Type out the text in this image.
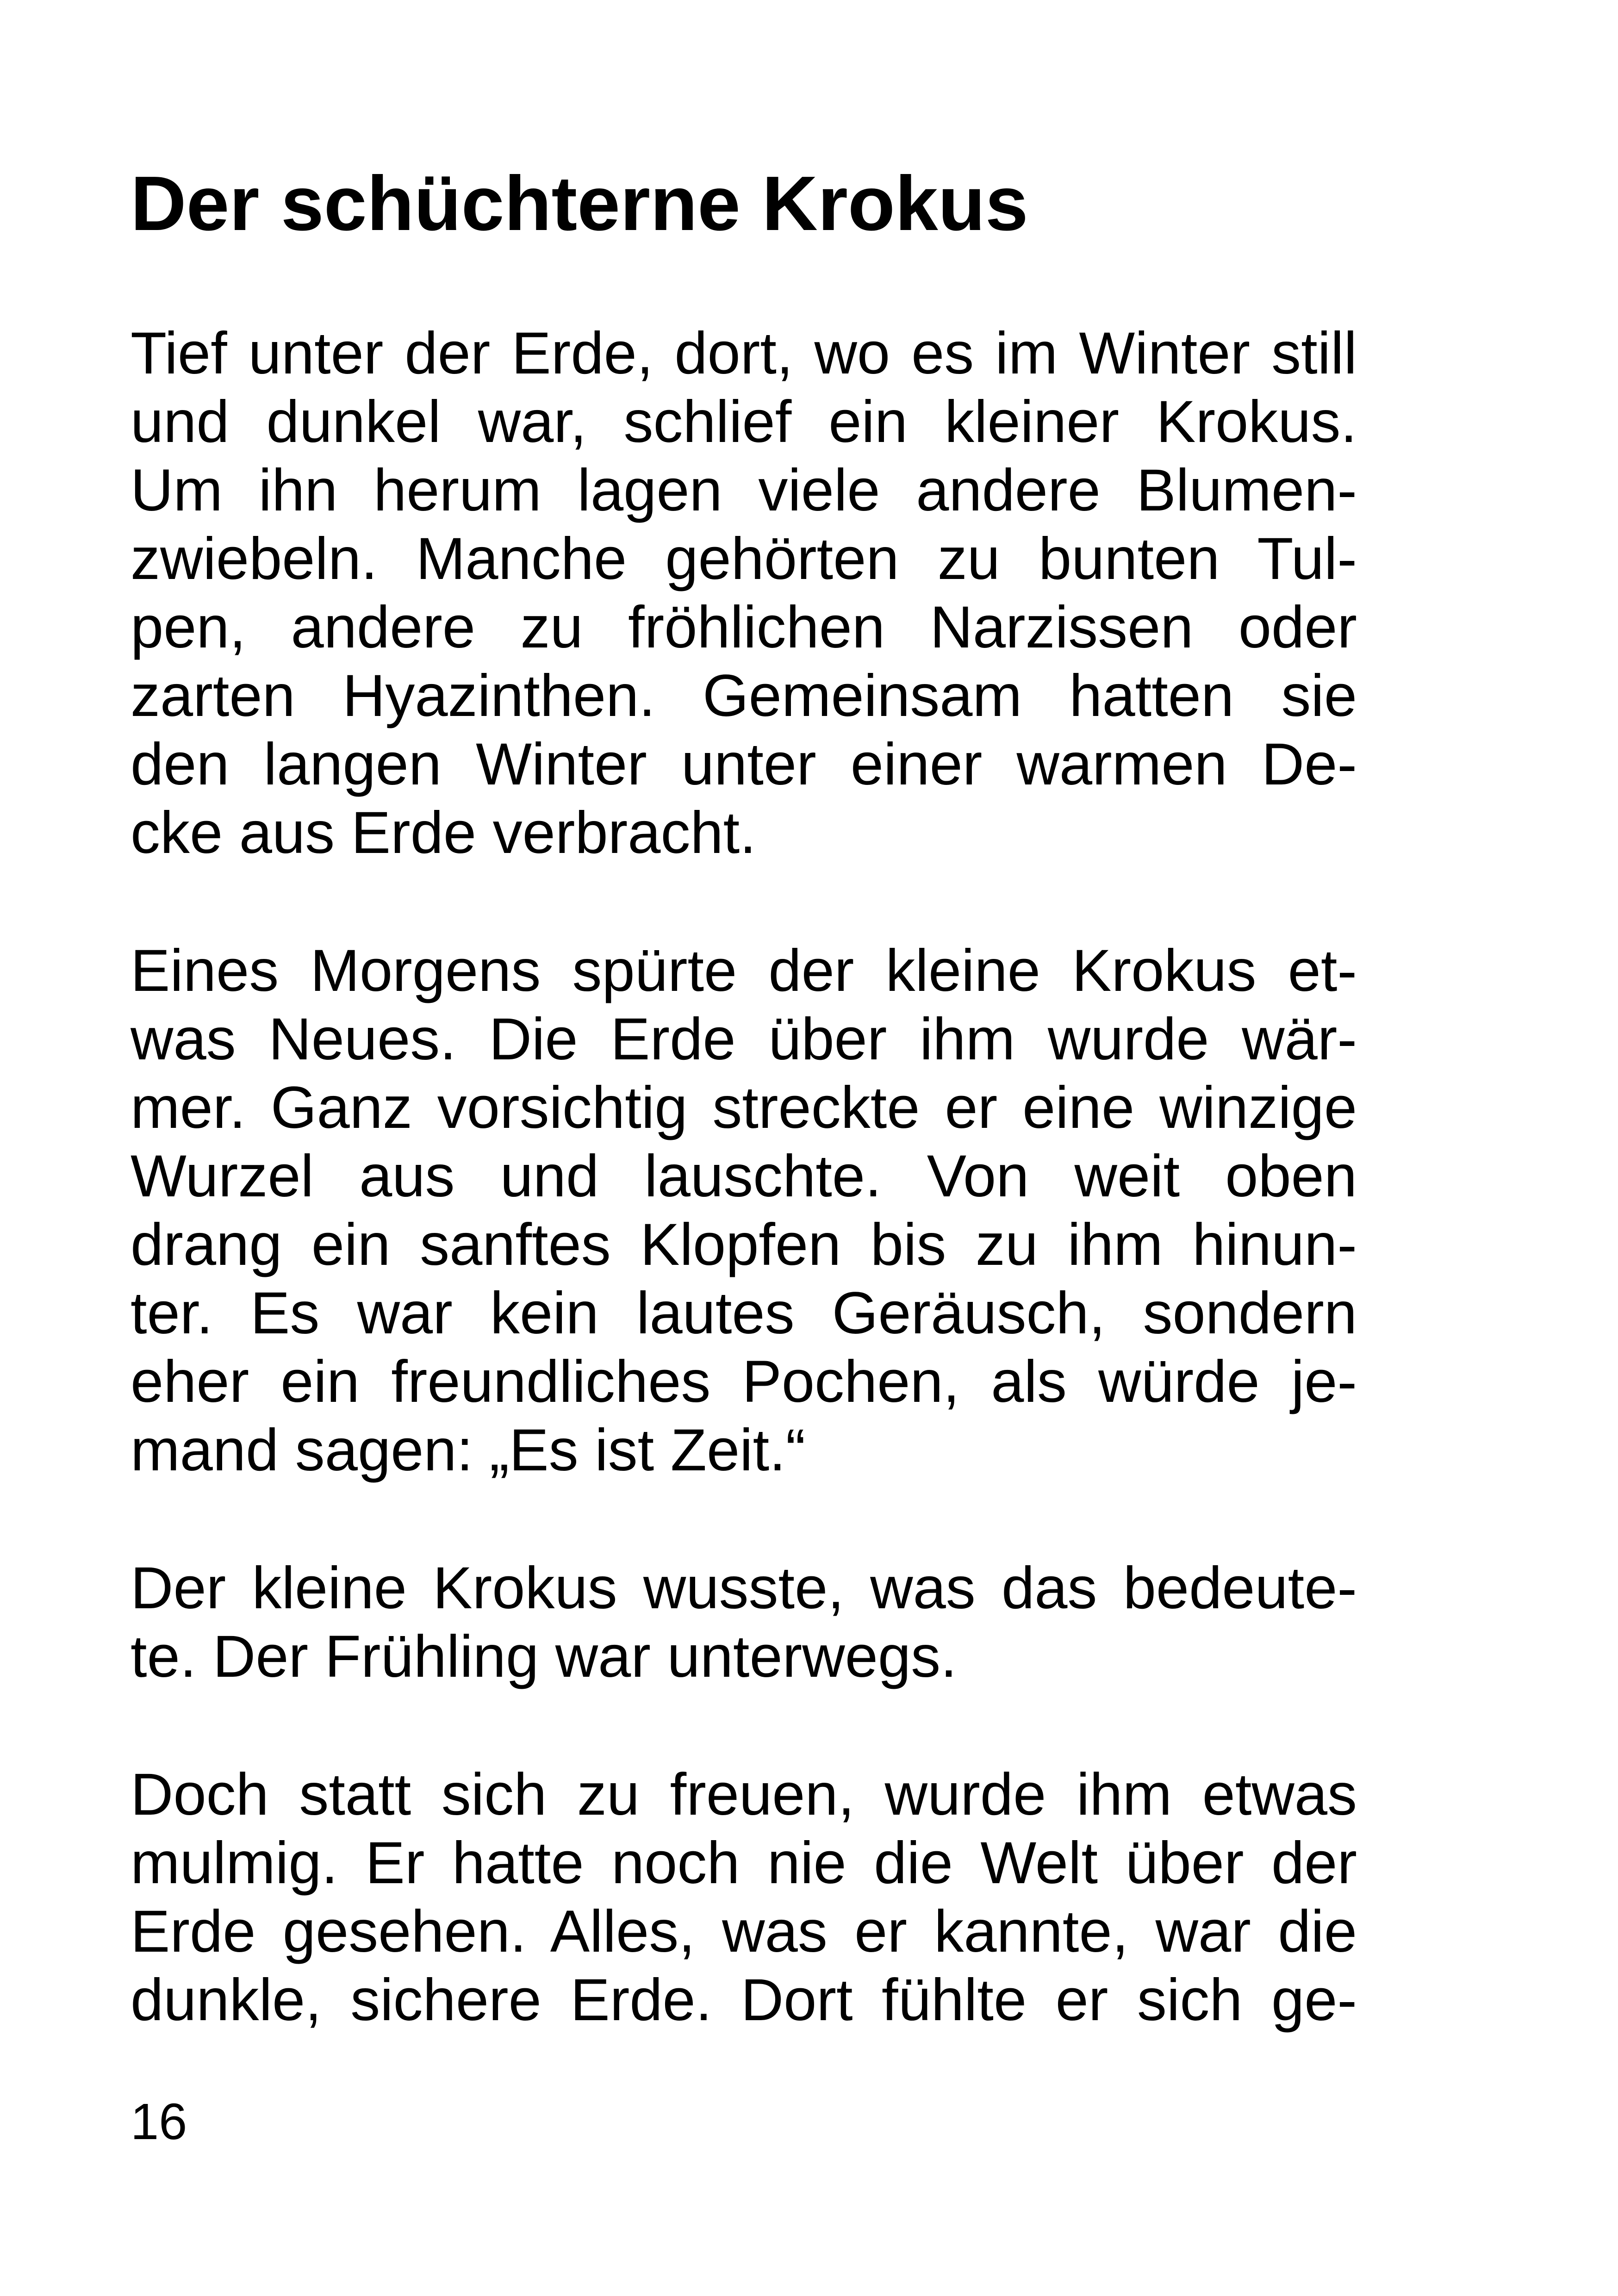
Der schüchterne Krokus

Tief unter der Erde, dort, wo es im Winter still
und dunkel war, schlief ein kleiner Krokus.
Um ihn herum lagen viele andere Blumen-
zwiebeln. Manche gehörten zu bunten Tul-
pen, andere zu fröhlichen Narzissen oder
zarten Hyazinthen. Gemeinsam hatten sie
den langen Winter unter einer warmen De-
cke aus Erde verbracht.

Eines Morgens spürte der kleine Krokus et-
was Neues. Die Erde über ihm wurde wär-
mer. Ganz vorsichtig streckte er eine winzige
Wurzel aus und lauschte. Von weit oben
drang ein sanftes Klopfen bis zu ihm hinun-
ter. Es war kein lautes Geräusch, sondern
eher ein freundliches Pochen, als würde je-
mand sagen: „Es ist Zeit.“

Der kleine Krokus wusste, was das bedeute-
te. Der Frühling war unterwegs.

Doch statt sich zu freuen, wurde ihm etwas
mulmig. Er hatte noch nie die Welt über der
Erde gesehen. Alles, was er kannte, war die
dunkle, sichere Erde. Dort fühlte er sich ge-

16
